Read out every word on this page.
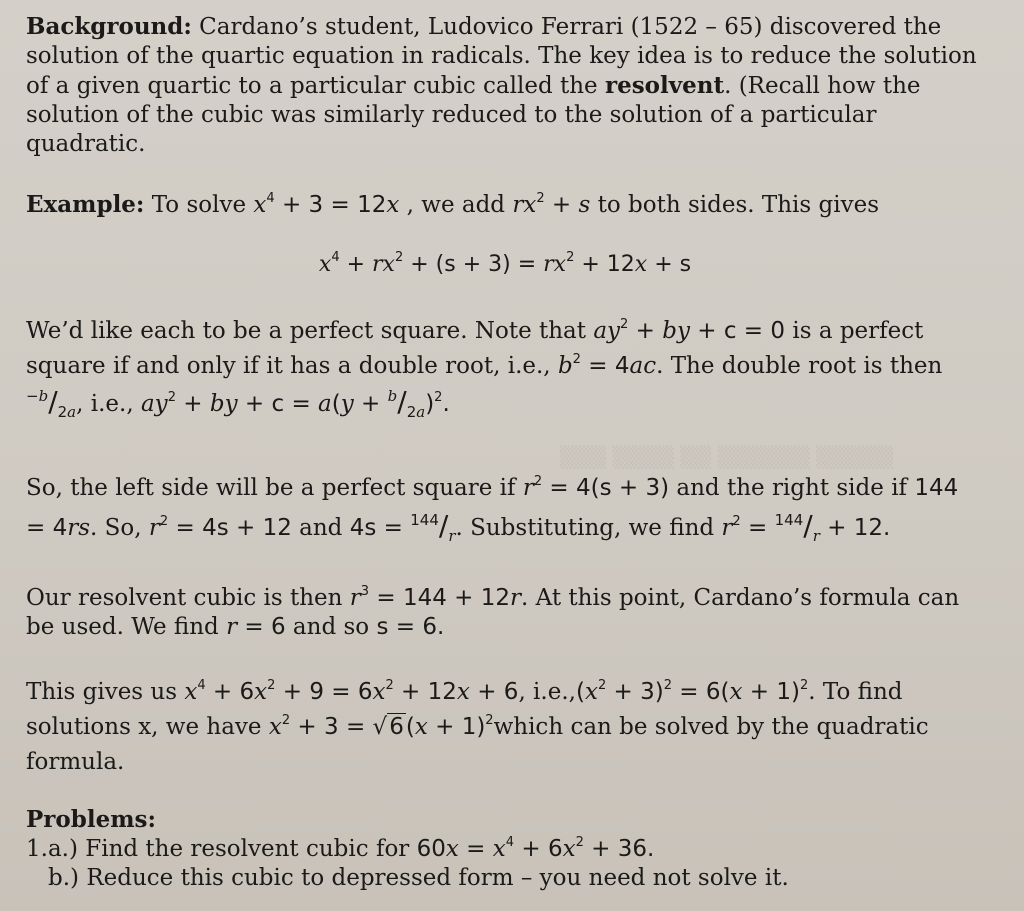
▒▒▒ ▒▒▒▒ ▒▒ ▒▒▒▒▒▒ ▒▒▒▒▒

Background: Cardano’s student, Ludovico Ferrari (1522 – 65) discovered the solution of the quartic equation in radicals. The key idea is to reduce the solution of a given quartic to a particular cubic called the resolvent. (Recall how the solution of the cubic was similarly reduced to the solution of a particular quadratic.

Example: To solve $x^4 + 3 = 12x$ , we add $rx^2 + s$ to both sides. This gives

$x^4 + rx^2 + (s + 3) = rx^2 + 12x + s$

We’d like each to be a perfect square. Note that $ay^2$ + by + c = 0 is a perfect square if and only if it has a double root, i.e., $b^2 = 4ac$. The double root is then $^{-b}/_{2a}$, i.e., $ay^2$ + by + $c = a(y + ^b/_{2a})^2$.

So, the left side will be a perfect square if $r^2 = 4(s + 3)$ and the right side if 144 = 4rs. So, $r^2 = 4s + 12$ and $4s = ^{144}/_r$. Substituting, we find $r^2 = ^{144}/_r + 12$.

Our resolvent cubic is then $r^3 = 144 + 12r$. At this point, Cardano’s formula can be used. We find r = 6 and so s = 6.

This gives us $x^4 + 6x^2 + 9 = 6x^2 + 12x + 6$, $i.e.,(x^2 + 3)^2 = 6(x + 1)^2$. To find solutions x, we have $x^2 + 3 = √6(x$ + $1)^2which$ can be solved by the quadratic formula.

Problems:

1.a.) Find the resolvent cubic for $60x = x^4 + 6x^2 + 36$.

b.) Reduce this cubic to depressed form – you need not solve it.
